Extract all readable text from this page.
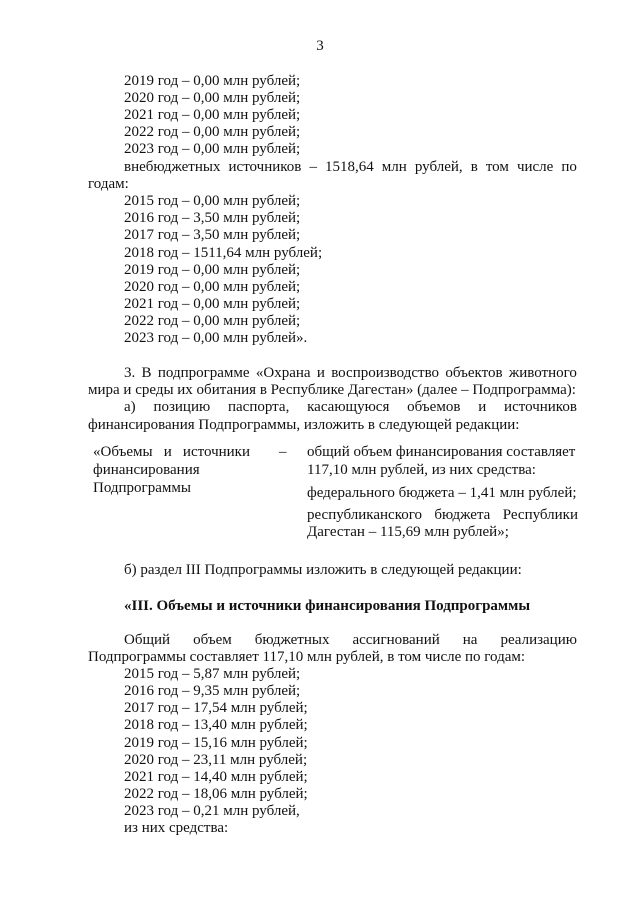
3
2019 год – 0,00 млн рублей;
2020 год – 0,00 млн рублей;
2021 год – 0,00 млн рублей;
2022 год – 0,00 млн рублей;
2023 год – 0,00 млн рублей;
внебюджетных источников – 1518,64 млн рублей, в том числе по
годам:
2015 год – 0,00 млн рублей;
2016 год – 3,50 млн рублей;
2017 год – 3,50 млн рублей;
2018 год – 1511,64 млн рублей;
2019 год – 0,00 млн рублей;
2020 год – 0,00 млн рублей;
2021 год – 0,00 млн рублей;
2022 год – 0,00 млн рублей;
2023 год – 0,00 млн рублей».
3. В подпрограмме «Охрана и воспроизводство объектов животного
мира и среды их обитания в Республике Дагестан» (далее – Подпрограмма):
а) позицию паспорта, касающуюся объемов и источников
финансирования Подпрограммы, изложить в следующей редакции:
«Объемы и источники
финансирования
Подпрограммы
– общий объем финансирования составляет
117,10 млн рублей, из них средства:
федерального бюджета – 1,41 млн рублей;
республиканского бюджета Республики
Дагестан – 115,69 млн рублей»;
б) раздел III Подпрограммы изложить в следующей редакции:
«III. Объемы и источники финансирования Подпрограммы
Общий объем бюджетных ассигнований на реализацию
Подпрограммы составляет 117,10 млн рублей, в том числе по годам:
2015 год – 5,87 млн рублей;
2016 год – 9,35 млн рублей;
2017 год – 17,54 млн рублей;
2018 год – 13,40 млн рублей;
2019 год – 15,16 млн рублей;
2020 год – 23,11 млн рублей;
2021 год – 14,40 млн рублей;
2022 год – 18,06 млн рублей;
2023 год – 0,21 млн рублей,
из них средства:
